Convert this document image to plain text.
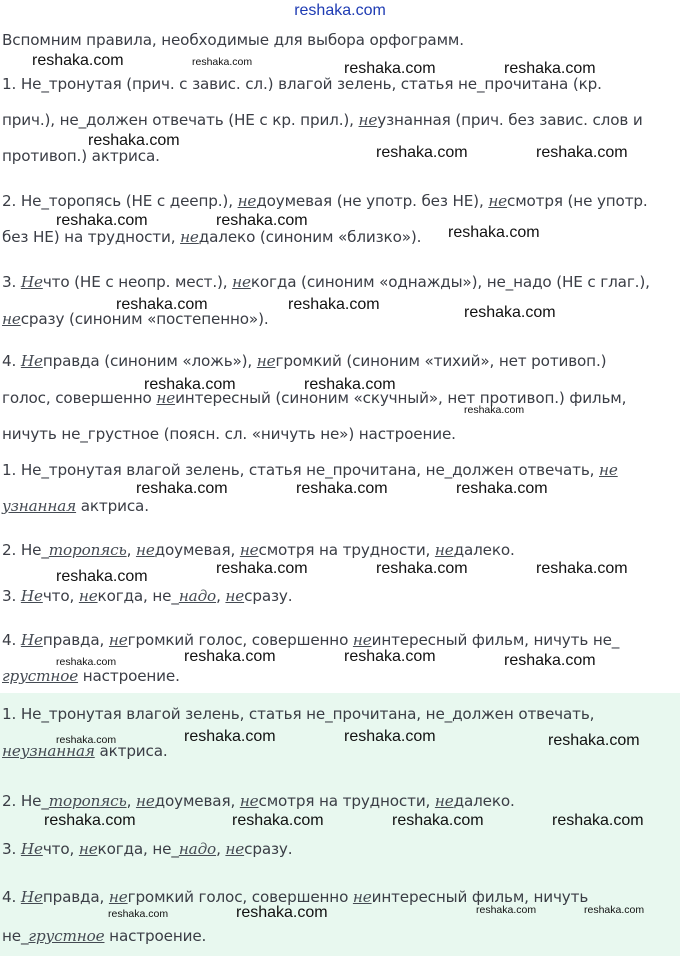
reshaka.com
Вспомним правила, необходимые для выбора орфограмм.
1. Не_тронутая (прич. с завис. сл.) влагой зелень, статья не_прочитана (кр.
прич.), не_должен отвечать (НЕ с кр. прил.), неузнанная (прич. без завис. слов и
противоп.) актриса.
2. Не_торопясь (НЕ с деепр.), недоумевая (не употр. без НЕ), несмотря (не употр.
без НЕ) на трудности, недалеко (синоним «близко»).
3. Нечто (НЕ с неопр. мест.), некогда (синоним «однажды»), не_надо (НЕ с глаг.),
несразу (синоним «постепенно»).
4. Неправда (синоним «ложь»), негромкий (синоним «тихий», нет ротивоп.)
голос, совершенно неинтересный (синоним «скучный», нет противоп.) фильм,
ничуть не_грустное (поясн. сл. «ничуть не») настроение.
1. Не_тронутая влагой зелень, статья не_прочитана, не_должен отвечать, не
узнанная актриса.
2. Не_торопясь, недоумевая, несмотря на трудности, недалеко.
3. Нечто, некогда, не_надо, несразу.
4. Неправда, негромкий голос, совершенно неинтересный фильм, ничуть не_
грустное настроение.
1. Не_тронутая влагой зелень, статья не_прочитана, не_должен отвечать,
неузнанная актриса.
2. Не_торопясь, недоумевая, несмотря на трудности, недалеко.
3. Нечто, некогда, не_надо, несразу.
4. Неправда, негромкий голос, совершенно неинтересный фильм, ничуть
не_грустное настроение.
reshaka.com	reshaka.com
reshaka.com	reshaka.com
reshaka.com
reshaka.com	reshaka.com
reshaka.com	reshaka.com
reshaka.com
reshaka.com	reshaka.com	reshaka.com
reshaka.com	reshaka.com
reshaka.com
reshaka.com	reshaka.com	reshaka.com
reshaka.com	reshaka.com	reshaka.com	reshaka.com
reshaka.com	reshaka.com	reshaka.com	reshaka.com
reshaka.com	reshaka.com	reshaka.com	reshaka.com
reshaka.com	reshaka.com	reshaka.com	reshaka.com
reshaka.com	reshaka.com	reshaka.com	reshaka.com
